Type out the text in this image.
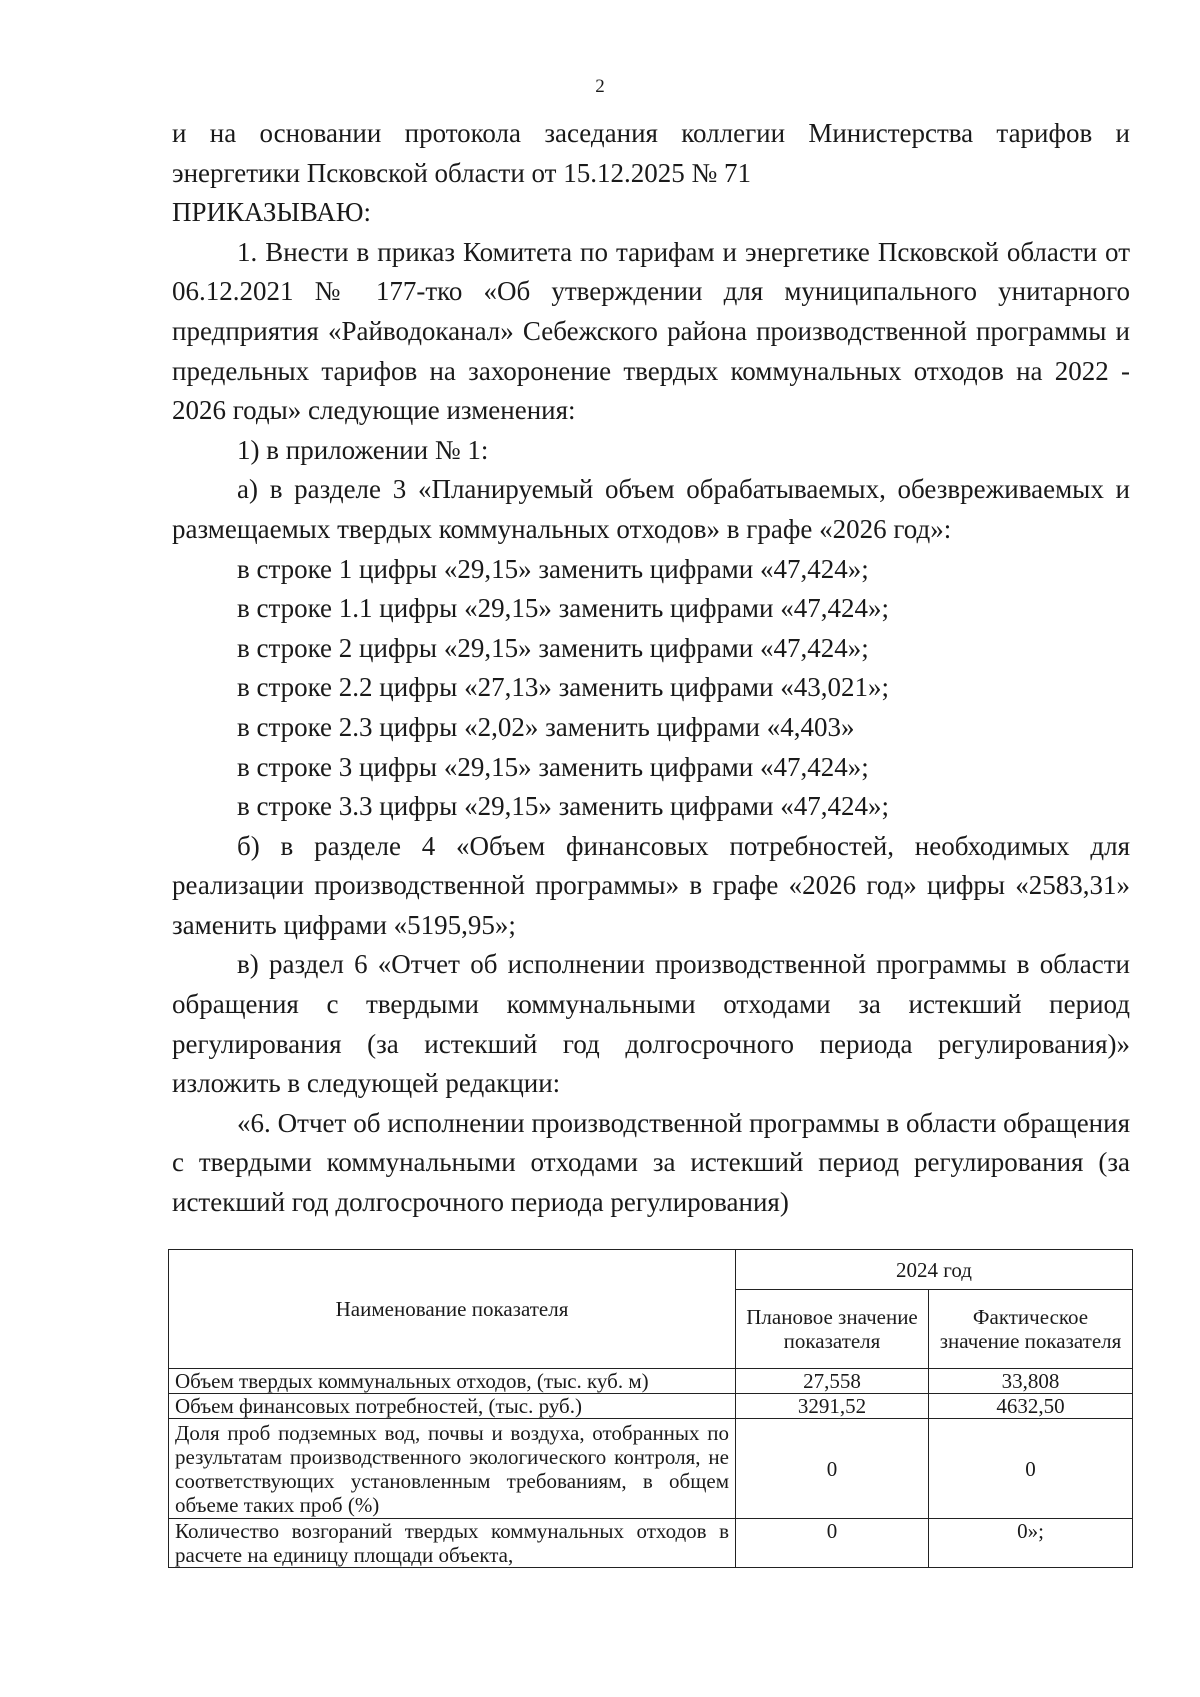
2

и на основании протокола заседания коллегии Министерства тарифов и энергетики Псковской области от 15.12.2025 № 71

ПРИКАЗЫВАЮ:

1. Внести в приказ Комитета по тарифам и энергетике Псковской области от 06.12.2021 № 177-тко «Об утверждении для муниципального унитарного предприятия «Райводоканал» Себежского района производственной программы и предельных тарифов на захоронение твердых коммунальных отходов на 2022 - 2026 годы» следующие изменения:

1) в приложении № 1:

а) в разделе 3 «Планируемый объем обрабатываемых, обезвреживаемых и размещаемых твердых коммунальных отходов» в графе «2026 год»:

в строке 1 цифры «29,15» заменить цифрами «47,424»;

в строке 1.1 цифры «29,15» заменить цифрами «47,424»;

в строке 2 цифры «29,15» заменить цифрами «47,424»;

в строке 2.2 цифры «27,13» заменить цифрами «43,021»;

в строке 2.3 цифры «2,02» заменить цифрами «4,403»

в строке 3 цифры «29,15» заменить цифрами «47,424»;

в строке 3.3 цифры «29,15» заменить цифрами «47,424»;

б) в разделе 4 «Объем финансовых потребностей, необходимых для реализации производственной программы» в графе «2026 год» цифры «2583,31» заменить цифрами «5195,95»;

в) раздел 6 «Отчет об исполнении производственной программы в области обращения с твердыми коммунальными отходами за истекший период регулирования (за истекший год долгосрочного периода регулирования)» изложить в следующей редакции:

«6. Отчет об исполнении производственной программы в области обращения с твердыми коммунальными отходами за истекший период регулирования (за истекший год долгосрочного периода регулирования)

Наименование показателя	2024 год	
	Плановое значение показателя	Фактическое значение показателя
Объем твердых коммунальных отходов, (тыс. куб. м)	27,558	33,808
Объем финансовых потребностей, (тыс. руб.)	3291,52	4632,50
Доля проб подземных вод, почвы и воздуха, отобранных по результатам производственного экологического контроля, не соответствующих установленным требованиям, в общем объеме таких проб (%)	0	0
Количество возгораний твердых коммунальных отходов в расчете на единицу площади объекта,	0	0»;
